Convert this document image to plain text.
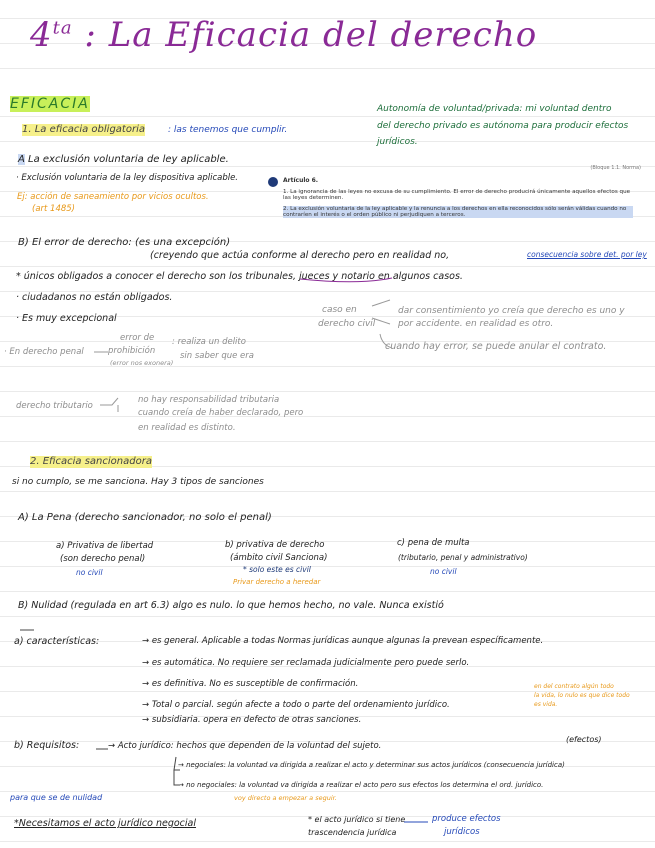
$4^{ta}$ : La Eficacia del derecho
EFICACIA	Autonomía de voluntad/privada: mi voluntad dentro
del derecho privado es autónoma para producir efectos
jurídicos.
1. La eficacia obligatoria	: las tenemos que cumplir.
A La exclusión voluntaria de ley aplicable.
· Exclusión voluntaria de la ley dispositiva aplicable.
Ej: acción de saneamiento por vicios ocultos.
(art 1485)
(Bloque 1.1. Norma)
Artículo 6.
1. La ignorancia de las leyes no excusa de su cumplimiento. El error de derecho producirá únicamente aquellos efectos que las leyes determinen.
2. La exclusión voluntaria de la ley aplicable y la renuncia a los derechos en ella reconocidos sólo serán válidas cuando no contraríen el interés o el orden público ni perjudiquen a terceros.
B) El error de derecho: (es una excepción)
(creyendo que actúa conforme al derecho pero en realidad no,	consecuencia sobre det. por ley
* únicos obligados a conocer el derecho son los tribunales, jueces y notario en algunos casos.
· ciudadanos no están obligados.
· Es muy excepcional
caso en
derecho civil
dar consentimiento yo creía que derecho es uno y
por accidente. en realidad es otro.
cuando hay error, se puede anular el contrato.
· En derecho penal
error de
prohibición
(error nos exonera)
: realiza un delito
sin saber que era
derecho tributario
no hay responsabilidad tributaria
cuando creía de haber declarado, pero
en realidad es distinto.
2. Eficacia sancionadora
si no cumplo, se me sanciona. Hay 3 tipos de sanciones
A) La Pena (derecho sancionador, no solo el penal)
a) Privativa de libertad
(son derecho penal)
no civil
b) privativa de derecho
(ámbito civil Sanciona)
* solo este es civil
Privar derecho a heredar
c) pena de multa
(tributario, penal y administrativo)
no civil
B) Nulidad (regulada en art 6.3) algo es nulo. lo que hemos hecho, no vale. Nunca existió
a) características:	→ es general. Aplicable a todas Normas jurídicas aunque algunas la prevean específicamente.
→ es automática. No requiere ser reclamada judicialmente pero puede serlo.
→ es definitiva. No es susceptible de confirmación.
→ Total o parcial. según afecte a todo o parte del ordenamiento jurídico.
en del contrato algún todo
la vida, lo nulo es que dice todo
es vida.
→ subsidiaria. opera en defecto de otras sanciones.
b) Requisitos:	→ Acto jurídico: hechos que dependen de la voluntad del sujeto.
(efectos)
→ negociales: la voluntad va dirigida a realizar el acto y determinar sus actos jurídicos (consecuencia jurídica)
→ no negociales: la voluntad va dirigida a realizar el acto pero sus efectos los determina el ord. jurídico.
voy directo a empezar a seguir.
para que se de nulidad
*Necesitamos el acto jurídico negocial	* el acto jurídico si tiene
trascendencia jurídica
produce efectos
jurídicos
